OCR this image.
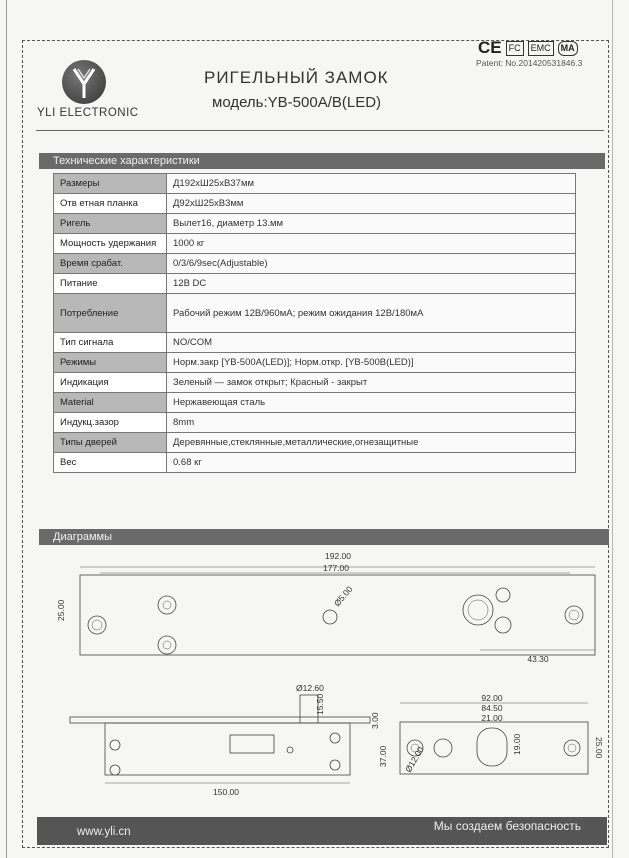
YLI ELECTRONIC
РИГЕЛЬНЫЙ ЗАМОК
модель:YB-500A/B(LED)
CE FC	EMC	MA
Patent: No.201420531846.3
Технические характеристики
Размеры	Д192хШ25хВ37мм
Отв етная планка	Д92хШ25хВ3мм
Ригель	Вылет16, диаметр 13.мм
Мощность удержания	1000 кг
Время срабат.	0/3/6/9sec(Adjustable)
Питание	12В DC
Потребление	Рабочий режим 12В/960мА; режим ожидания 12В/180мА
Тип сигнала	NO/COM
Режимы	Норм.закр [YB-500A(LED)]; Норм.откр. [YB-500B(LED)]
Индикация	Зеленый — замок открыт; Красный - закрыт
Material	Нержавеющая сталь
Индукц.зазор	8mm
Типы дверей	Деревянные,стеклянные,металлические,огнезащитные
Вес	0.68 кг
Диаграммы
192.00
177.00
25.00
Ø5.00
43.30
Ø12.60
15.50
3.00
37.00
150.00
92.00
84.50
21.00
19.00
Ø12.00	25.00
www.yli.cn	Мы создаем безопасность
